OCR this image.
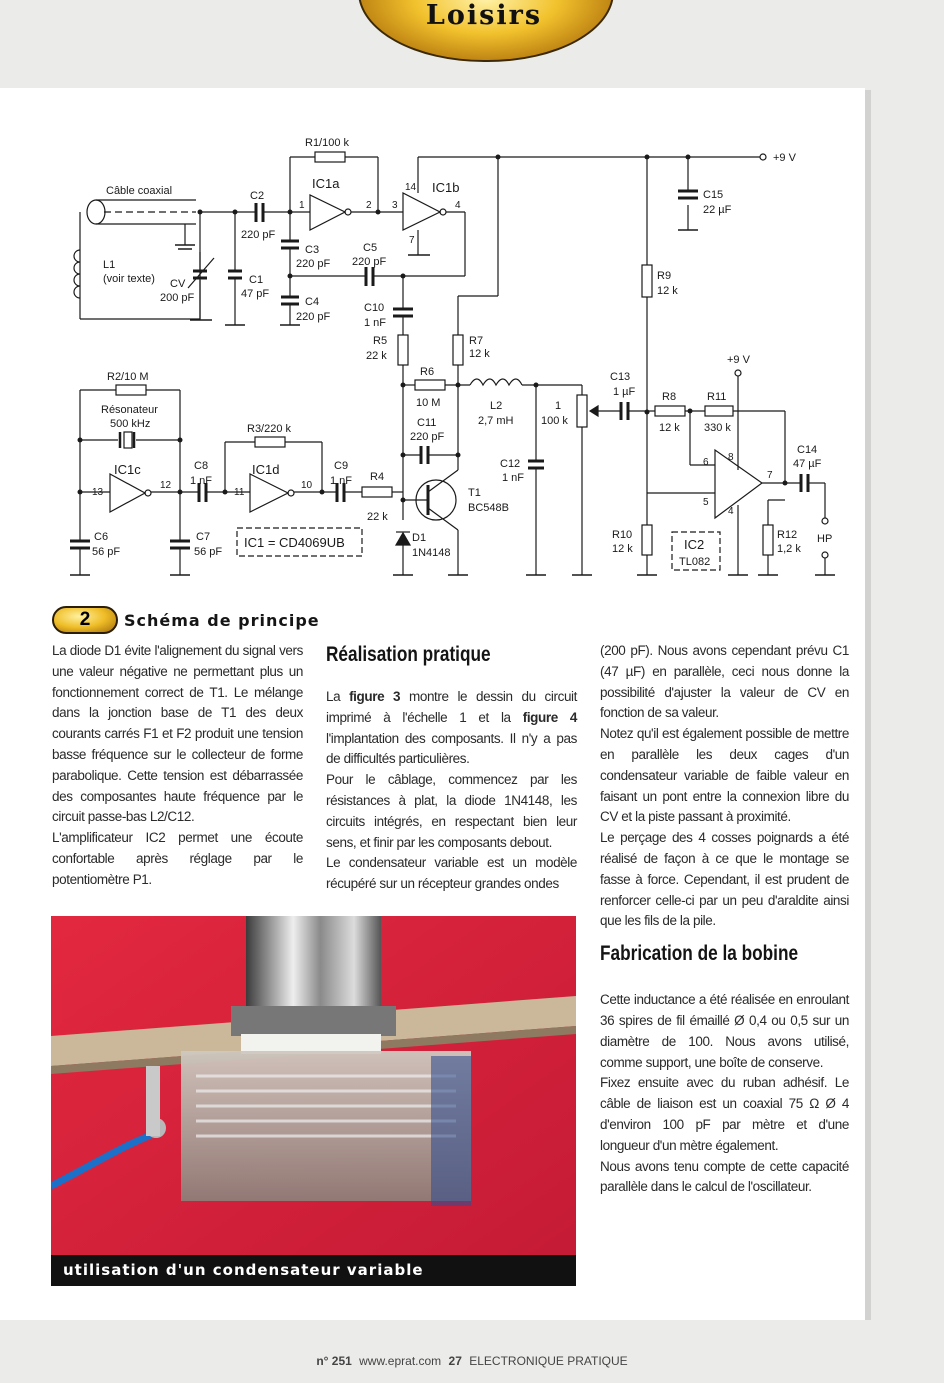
Loisirs
R1/100 k
IC1a	IC1b
+9 V
Câble coaxial	C2
220 pF
C3
220 pF
C5
220 pF
C4
220 pF
C1
47 pF
CV
200 pF
L1
(voir texte)
C15
22 µF
R9
12 k
C10
1 nF
R5
22 k
R7
12 k
R6
10 M
C11
220 pF
L2
2,7 mH
1
100 k
C13
1 µF R8
12 k
R11
330 k
+9 V
C14
47 µF
R2/10 M
Résonateur
500 kHz	R3/220 k
IC1c	IC1d
C8
1 nF
C9
1 nF R4
22 k
C6
56 pF
C7
56 pF
IC1 = CD4069UB
T1
BC548B
D1
1N4148
C12
1 nF
R10
12 k	IC2
TL082
R12
1,2 k
HP
1	2 3	4
14
7
13
12
11
10
6
5
8
4
7
2	Schéma de principe

La diode D1 évite l'alignement du signal vers une valeur négative ne permettant plus un fonctionnement correct de T1. Le mélange dans la jonction base de T1 des deux courants carrés F1 et F2 produit une tension basse fréquence sur le collecteur de forme parabolique. Cette tension est débarrassée des composantes haute fréquence par le circuit passe-bas L2/C12.

L'amplificateur IC2 permet une écoute confortable après réglage par le potentiomètre P1.

Réalisation pratique

La figure 3 montre le dessin du circuit imprimé à l'échelle 1 et la figure 4 l'implantation des composants. Il n'y a pas de difficultés particulières.

Pour le câblage, commencez par les résistances à plat, la diode 1N4148, les circuits intégrés, en respectant bien leur sens, et finir par les composants debout.

Le condensateur variable est un modèle récupéré sur un récepteur grandes ondes

(200 pF). Nous avons cependant prévu C1 (47 µF) en parallèle, ceci nous donne la possibilité d'ajuster la valeur de CV en fonction de sa valeur.

Notez qu'il est également possible de mettre en parallèle les deux cages d'un condensateur variable de faible valeur en faisant un pont entre la connexion libre du CV et la piste passant à proximité.

Le perçage des 4 cosses poignards a été réalisé de façon à ce que le montage se fasse à force. Cependant, il est prudent de renforcer celle-ci par un peu d'araldite ainsi que les fils de la pile.

Fabrication de la bobine

Cette inductance a été réalisée en enroulant 36 spires de fil émaillé Ø 0,4 ou 0,5 sur un diamètre de 100. Nous avons utilisé, comme support, une boîte de conserve.

Fixez ensuite avec du ruban adhésif. Le câble de liaison est un coaxial 75 Ω Ø 4 d'environ 100 pF par mètre et d'une longueur d'un mètre également.

Nous avons tenu compte de cette capacité parallèle dans le calcul de l'oscillateur.

utilisation d'un condensateur variable
n° 251 www.eprat.com 27 ELECTRONIQUE PRATIQUE
